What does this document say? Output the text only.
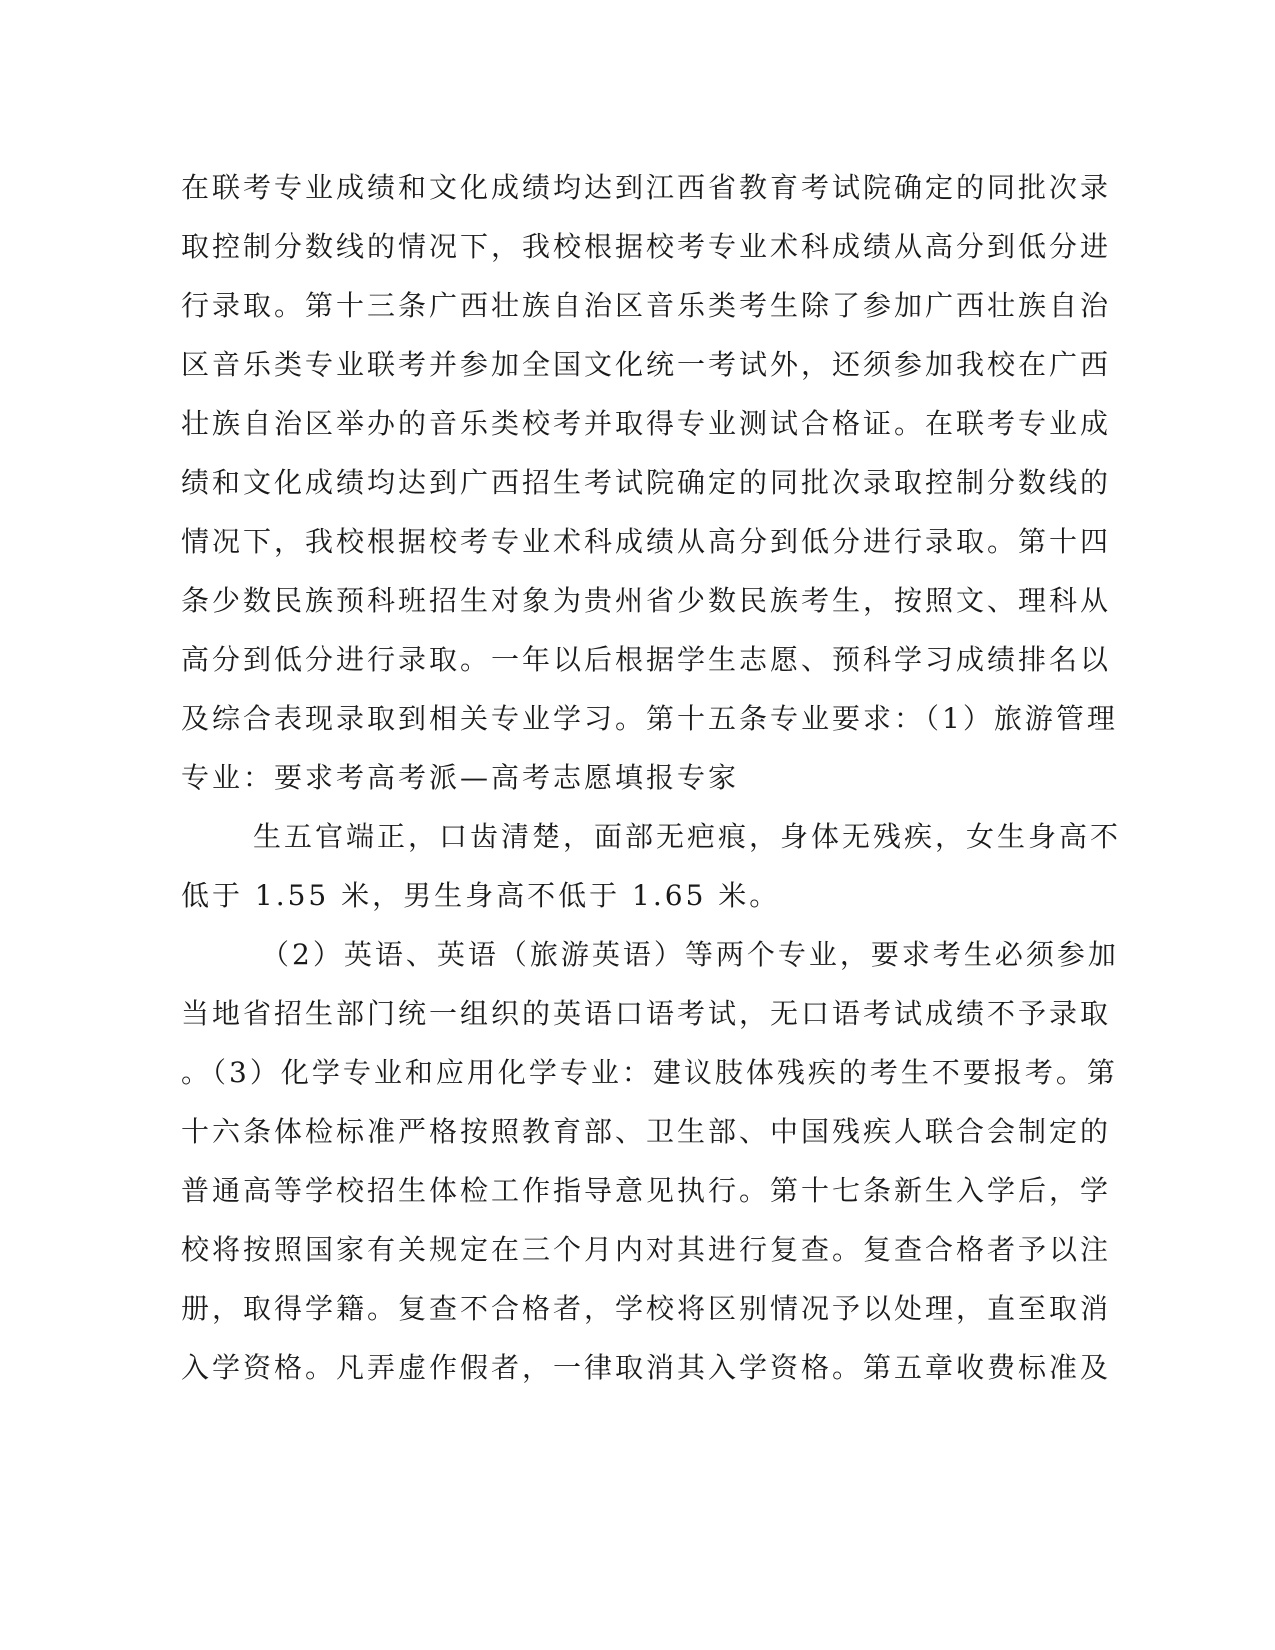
在联考专业成绩和文化成绩均达到江西省教育考试院确定的同批次录
取控制分数线的情况下，我校根据校考专业术科成绩从高分到低分进
行录取。第十三条广西壮族自治区音乐类考生除了参加广西壮族自治
区音乐类专业联考并参加全国文化统一考试外，还须参加我校在广西
壮族自治区举办的音乐类校考并取得专业测试合格证。在联考专业成
绩和文化成绩均达到广西招生考试院确定的同批次录取控制分数线的
情况下，我校根据校考专业术科成绩从高分到低分进行录取。第十四
条少数民族预科班招生对象为贵州省少数民族考生，按照文、理科从
高分到低分进行录取。一年以后根据学生志愿、预科学习成绩排名以
及综合表现录取到相关专业学习。第十五条专业要求：（1）旅游管理
专业：要求考高考派—高考志愿填报专家
生五官端正，口齿清楚，面部无疤痕，身体无残疾，女生身高不
低于 1.55 米，男生身高不低于 1.65 米。
（2）英语、英语（旅游英语）等两个专业，要求考生必须参加
当地省招生部门统一组织的英语口语考试，无口语考试成绩不予录取
。（3）化学专业和应用化学专业：建议肢体残疾的考生不要报考。第
十六条体检标准严格按照教育部、卫生部、中国残疾人联合会制定的
普通高等学校招生体检工作指导意见执行。第十七条新生入学后，学
校将按照国家有关规定在三个月内对其进行复查。复查合格者予以注
册，取得学籍。复查不合格者，学校将区别情况予以处理，直至取消
入学资格。凡弄虚作假者，一律取消其入学资格。第五章收费标准及
